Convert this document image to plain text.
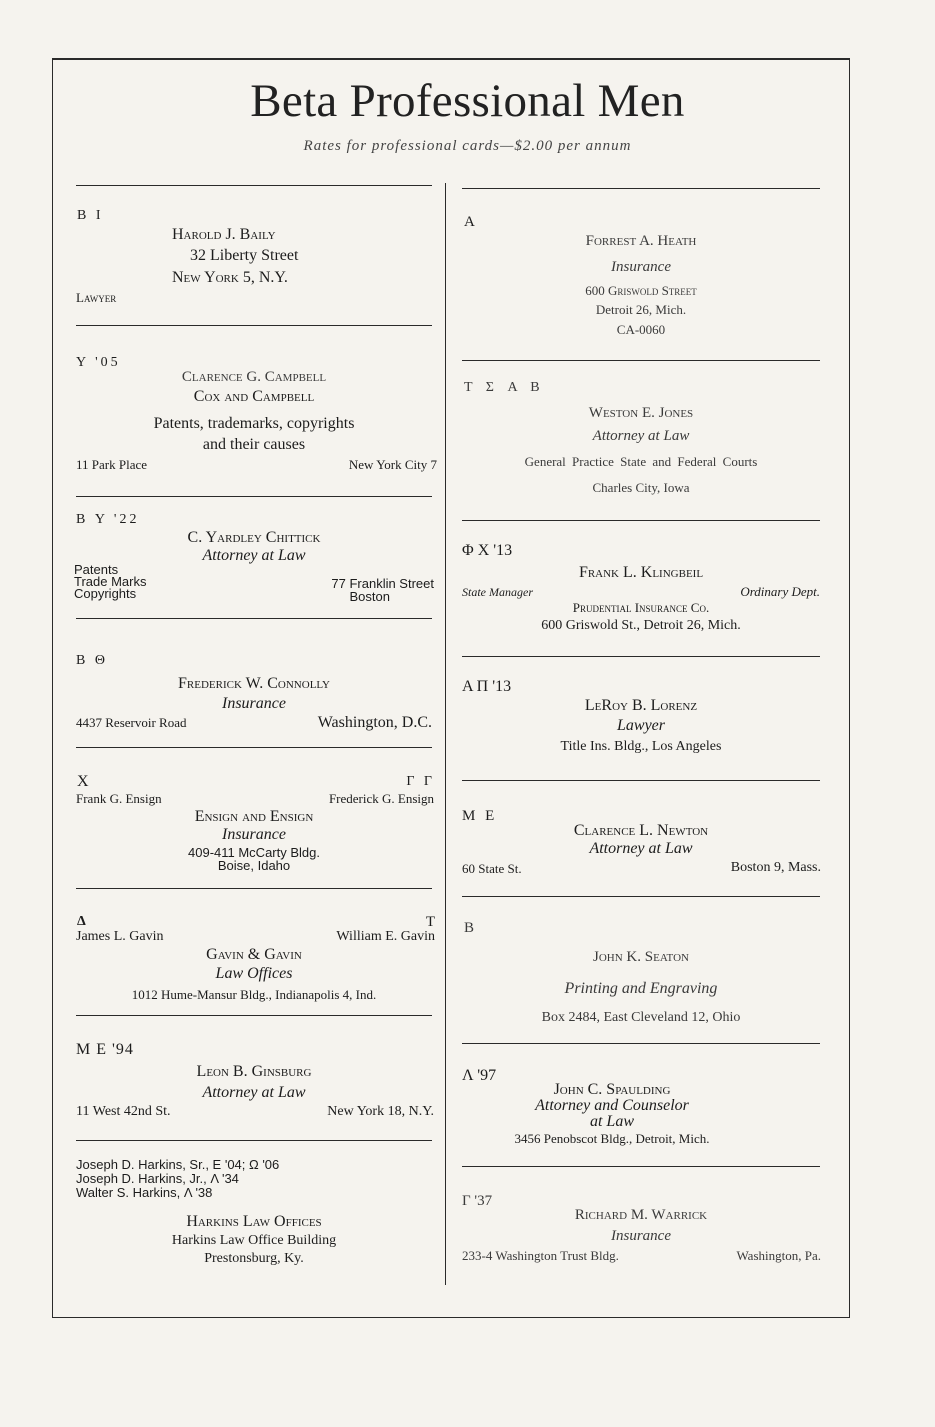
Beta Professional Men
Rates for professional cards—$2.00 per annum
B I
Harold J. Baily
32 Liberty Street
New York 5, N.Y.
Lawyer
Υ '05
Clarence G. Campbell
Cox and Campbell
Patents, trademarks, copyrights
and their causes
11 Park Place	New York City 7
B Υ '22
C. Yardley Chittick
Attorney at Law
Patents
Trade Marks
Copyrights
77 Franklin Street
Boston
B Θ
Frederick W. Connolly
Insurance
4437 Reservoir Road	Washington, D.C.
X	Γ Γ
Frank G. Ensign	Frederick G. Ensign
Ensign and Ensign
Insurance
409-411 McCarty Bldg.
Boise, Idaho
Δ	T
James L. Gavin	William E. Gavin
Gavin & Gavin
Law Offices
1012 Hume-Mansur Bldg., Indianapolis 4, Ind.
M E '94
Leon B. Ginsburg
Attorney at Law
11 West 42nd St.	New York 18, N.Y.
Joseph D. Harkins, Sr., E '04; Ω '06
Joseph D. Harkins, Jr., Λ '34
Walter S. Harkins, Λ '38
Harkins Law Offices
Harkins Law Office Building
Prestonsburg, Ky.
A
Forrest A. Heath
Insurance
600 Griswold Street
Detroit 26, Mich.
CA-0060
T Σ A B
Weston E. Jones
Attorney at Law
General Practice State and Federal Courts
Charles City, Iowa
Φ X '13
Frank L. Klingbeil
State Manager	Ordinary Dept.
Prudential Insurance Co.
600 Griswold St., Detroit 26, Mich.
A Π '13
LeRoy B. Lorenz
Lawyer
Title Ins. Bldg., Los Angeles
M E
Clarence L. Newton
Attorney at Law
60 State St.	Boston 9, Mass.
B
John K. Seaton
Printing and Engraving
Box 2484, East Cleveland 12, Ohio
Λ '97
John C. Spaulding
Attorney and Counselor
at Law
3456 Penobscot Bldg., Detroit, Mich.
Γ '37
Richard M. Warrick
Insurance
233-4 Washington Trust Bldg.	Washington, Pa.
